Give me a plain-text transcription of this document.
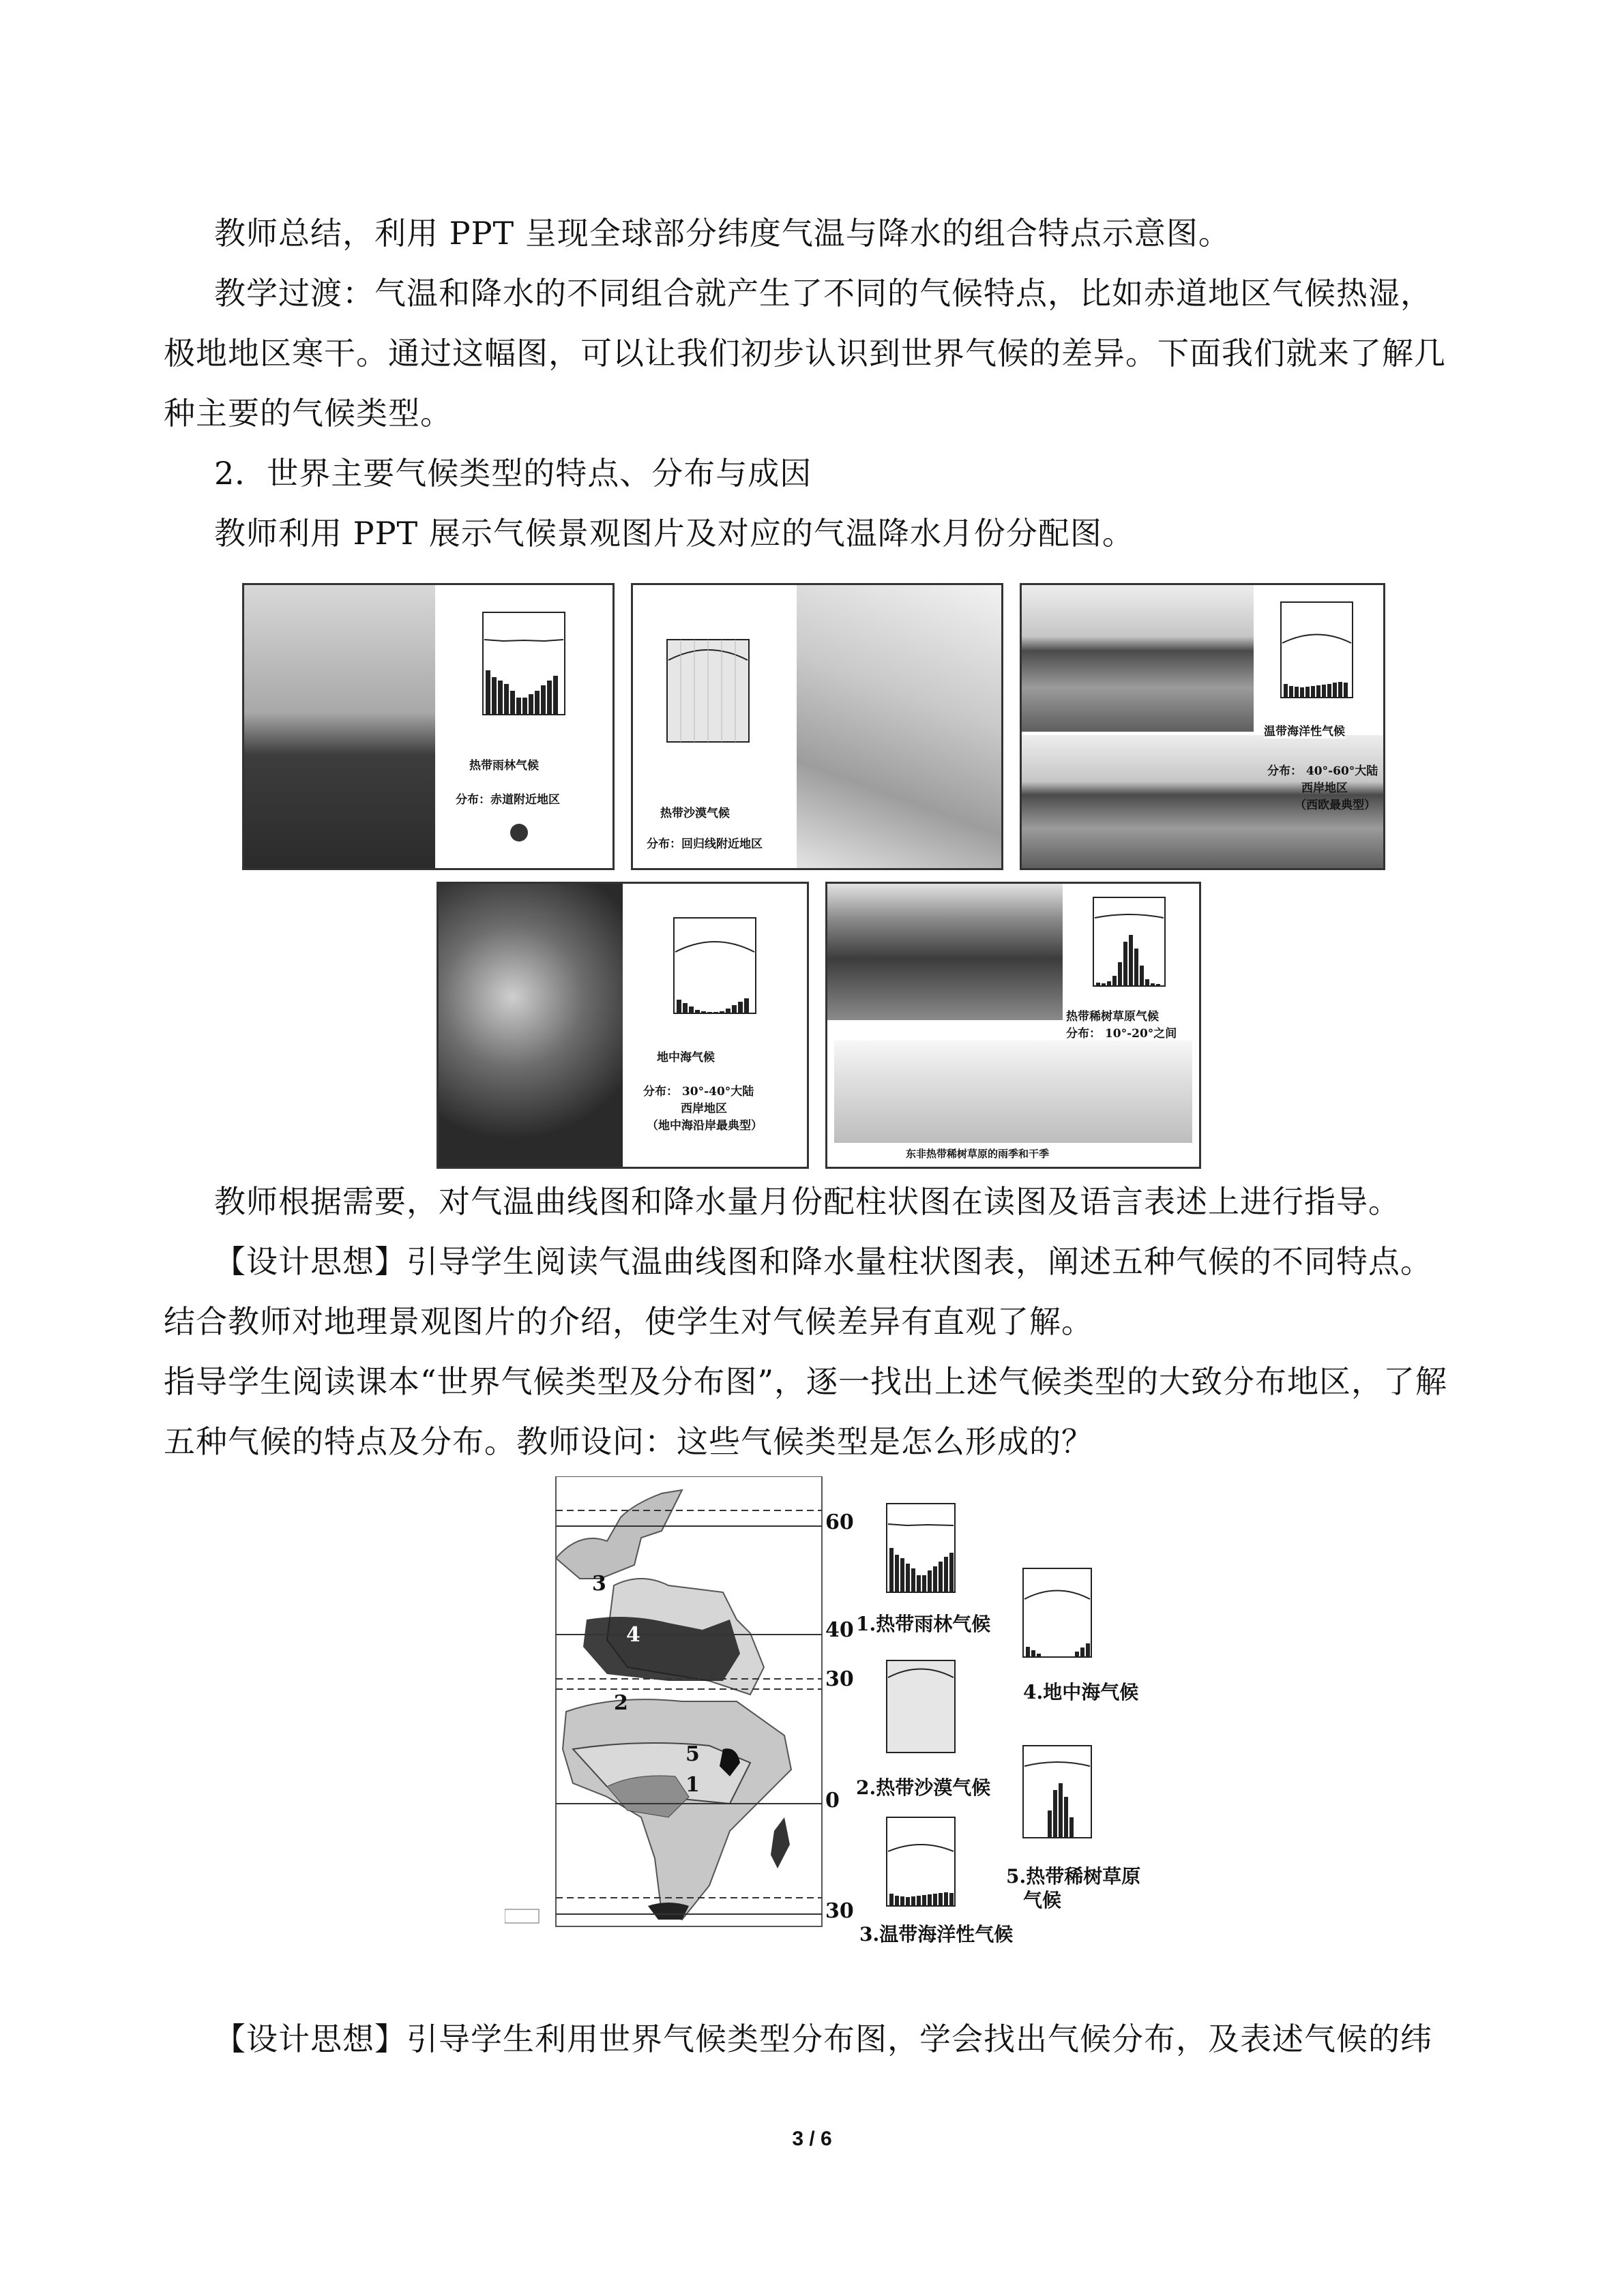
教师总结，利用 PPT 呈现全球部分纬度气温与降水的组合特点示意图。
教学过渡：气温和降水的不同组合就产生了不同的气候特点，比如赤道地区气候热湿，
极地地区寒干。通过这幅图，可以让我们初步认识到世界气候的差异。下面我们就来了解几
种主要的气候类型。
2．世界主要气候类型的特点、分布与成因
教师利用 PPT 展示气候景观图片及对应的气温降水月份分配图。
热带雨林气候
分布：赤道附近地区
热带沙漠气候
分布：回归线附近地区
温带海洋性气候
分布： 40°-60°大陆
西岸地区
（西欧最典型）
地中海气候
分布： 30°-40°大陆
西岸地区
（地中海沿岸最典型）
热带稀树草原气候
分布： 10°-20°之间
东非热带稀树草原的雨季和干季
教师根据需要，对气温曲线图和降水量月份配柱状图在读图及语言表述上进行指导。
【设计思想】引导学生阅读气温曲线图和降水量柱状图表，阐述五种气候的不同特点。
结合教师对地理景观图片的介绍，使学生对气候差异有直观了解。
指导学生阅读课本“世界气候类型及分布图”，逐一找出上述气候类型的大致分布地区，了解
五种气候的特点及分布。教师设问：这些气候类型是怎么形成的？
60
40
30
0
30
3
4
2
5
1
1.热带雨林气候
2.热带沙漠气候
3.温带海洋性气候
4.地中海气候
5.热带稀树草原
气候
【设计思想】引导学生利用世界气候类型分布图，学会找出气候分布，及表述气候的纬
3 / 6
